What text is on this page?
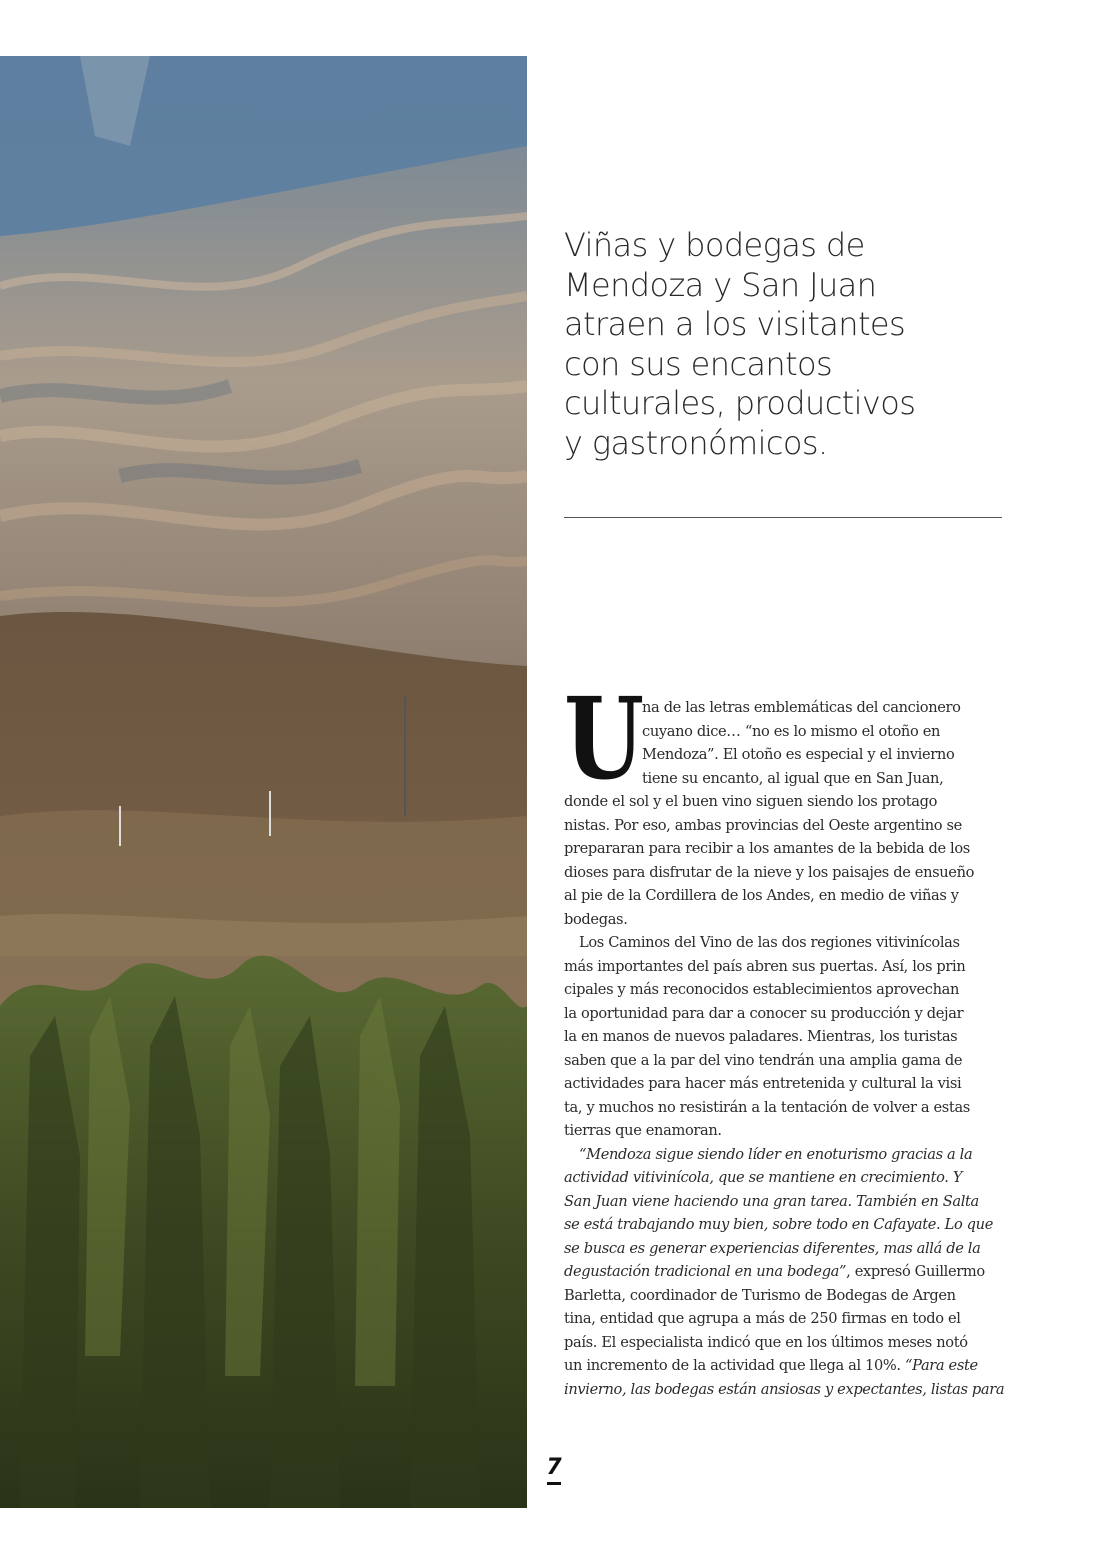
Viñas y bodegas de
Mendoza y San Juan
atraen a los visitantes
con sus encantos
culturales, productivos
y gastronómicos.
U
na de las letras emblemáticas del cancionero
cuyano dice… “no es lo mismo el otoño en
Mendoza”. El otoño es especial y el invierno
tiene su encanto, al igual que en San Juan,
donde el sol y el buen vino siguen siendo los protago
nistas. Por eso, ambas provincias del Oeste argentino se
prepararan para recibir a los amantes de la bebida de los
dioses para disfrutar de la nieve y los paisajes de ensueño
al pie de la Cordillera de los Andes, en medio de viñas y
bodegas.
Los Caminos del Vino de las dos regiones vitivinícolas
más importantes del país abren sus puertas. Así, los prin
cipales y más reconocidos establecimientos aprovechan
la oportunidad para dar a conocer su producción y dejar
la en manos de nuevos paladares. Mientras, los turistas
saben que a la par del vino tendrán una amplia gama de
actividades para hacer más entretenida y cultural la visi
ta, y muchos no resistirán a la tentación de volver a estas
tierras que enamoran.
“Mendoza sigue siendo líder en enoturismo gracias a la
actividad vitivinícola, que se mantiene en crecimiento. Y
San Juan viene haciendo una gran tarea. También en Salta
se está trabajando muy bien, sobre todo en Cafayate. Lo que
se busca es generar experiencias diferentes, mas allá de la
degustación tradicional en una bodega”, expresó Guillermo
Barletta, coordinador de Turismo de Bodegas de Argen
tina, entidad que agrupa a más de 250 firmas en todo el
país. El especialista indicó que en los últimos meses notó
un incremento de la actividad que llega al 10%. “Para este
invierno, las bodegas están ansiosas y expectantes, listas para
7
